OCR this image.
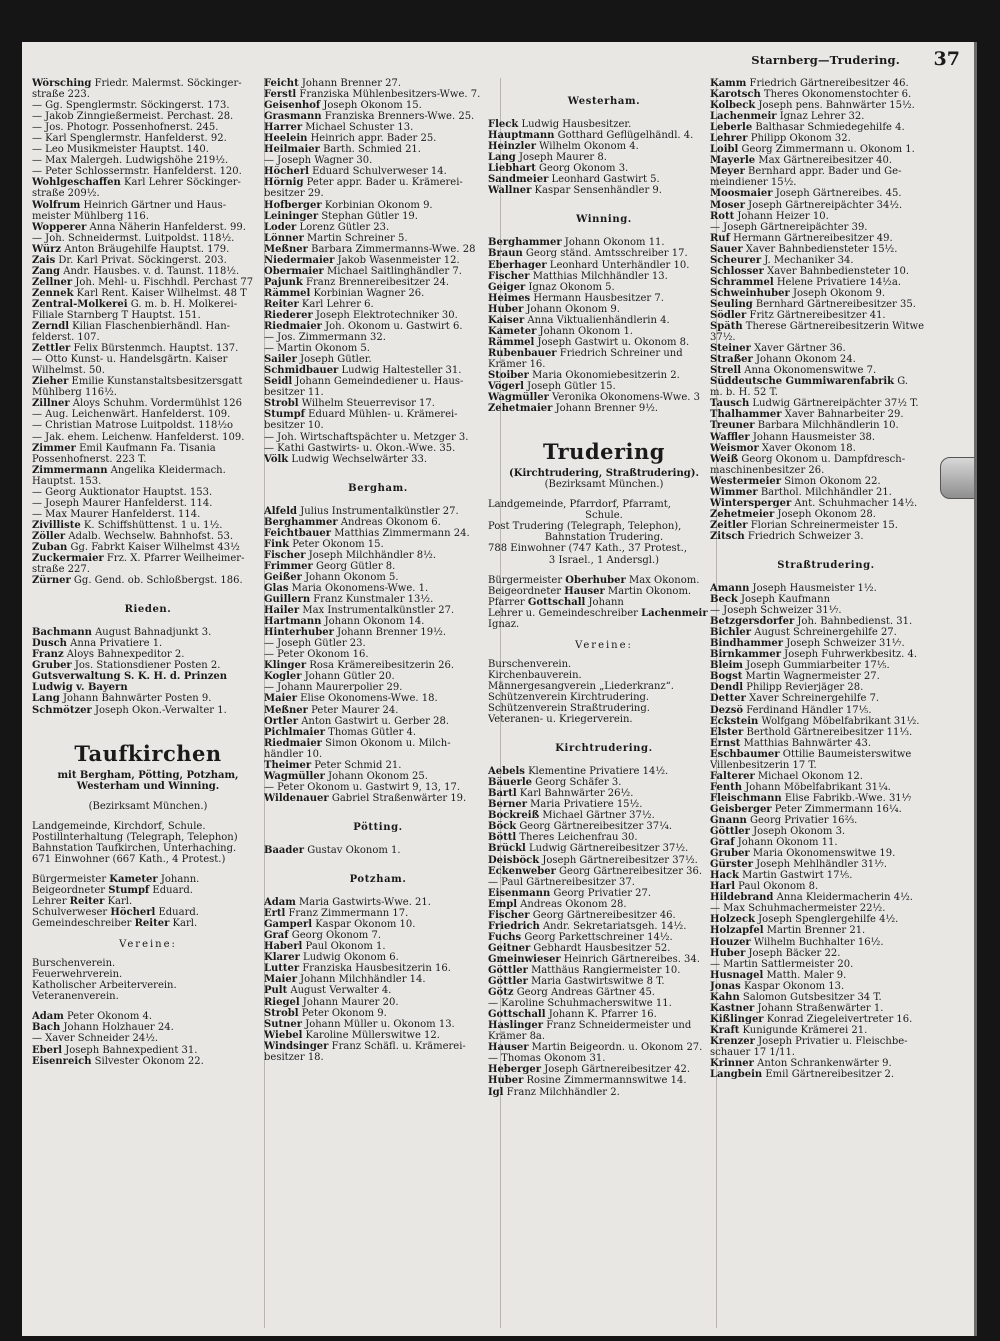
Starnberg—Trudering. 37
Wörsching Friedr. Malermst. Söckinger-
straße 223.
— Gg. Spenglermstr. Söckingerst. 173.
— Jakob Zinngießermeist. Perchast. 28.
— Jos. Photogr. Possenhofnerst. 245.
— Karl Spenglermstr. Hanfelderst. 92.
— Leo Musikmeister Hauptst. 140.
— Max Malergeh. Ludwigshöhe 219½.
— Peter Schlossermstr. Hanfelderst. 120.
Wohlgeschaffen Karl Lehrer Söckinger-
straße 209½.
Wolfrum Heinrich Gärtner und Haus-
meister Mühlberg 116.
Wopperer Anna Näherin Hanfelderst. 99.
— Joh. Schneidermst. Luitpoldst. 118½.
Würz Anton Bräugehilfe Hauptst. 179.
Zais Dr. Karl Privat. Söckingerst. 203.
Zang Andr. Hausbes. v. d. Taunst. 118½.
Zellner Joh. Mehl- u. Fischhdl. Perchast 77
Zennek Karl Rent. Kaiser Wilhelmst. 48 T
Zentral-Molkerei G. m. b. H. Molkerei-
Filiale Starnberg T Hauptst. 151.
Zerndl Kilian Flaschenbierhändl. Han-
felderst. 107.
Zettler Felix Bürstenmch. Hauptst. 137.
— Otto Kunst- u. Handelsgärtn. Kaiser
Wilhelmst. 50.
Zieher Emilie Kunstanstaltsbesitzersgatt
Mühlberg 116½.
Zillner Aloys Schuhm. Vordermühlst 126
— Aug. Leichenwärt. Hanfelderst. 109.
— Christian Matrose Luitpoldst. 118½o
— Jak. ehem. Leichenw. Hanfelderst. 109.
Zimmer Emil Kaufmann Fa. Tisania
Possenhofnerst. 223 T.
Zimmermann Angelika Kleidermach.
Hauptst. 153.
— Georg Auktionator Hauptst. 153.
— Joseph Maurer Hanfelderst. 114.
— Max Maurer Hanfelderst. 114.
Zivilliste K. Schiffshüttenst. 1 u. 1½.
Zöller Adalb. Wechselw. Bahnhofst. 53.
Zuban Gg. Fabrkt Kaiser Wilhelmst 43½
Zuckermaier Frz. X. Pfarrer Weilheimer-
straße 227.
Zürner Gg. Gend. ob. Schloßbergst. 186.
Rieden.
Bachmann August Bahnadjunkt 3.
Dusch Anna Privatiere 1.
Franz Aloys Bahnexpeditor 2.
Gruber Jos. Stationsdiener Posten 2.
Gutsverwaltung S. K. H. d. Prinzen
Ludwig v. Bayern
Lang Johann Bahnwärter Posten 9.
Schmötzer Joseph Ökon.-Verwalter 1.
Taufkirchen
mit Bergham, Pötting, Potzham,
Westerham und Winning.
(Bezirksamt München.)
Landgemeinde, Kirchdorf, Schule.
Postillnterhaltung (Telegraph, Telephon)
Bahnstation Taufkirchen, Unterhaching.
671 Einwohner (667 Kath., 4 Protest.)
Bürgermeister Kameter Johann.
Beigeordneter Stumpf Eduard.
Lehrer Reiter Karl.
Schulverweser Höcherl Eduard.
Gemeindeschreiber Reiter Karl.
Vereine:
Burschenverein.
Feuerwehrverein.
Katholischer Arbeiterverein.
Veteranenverein.
Adam Peter Ökonom 4.
Bach Johann Holzhauer 24.
— Xaver Schneider 24½.
Eberl Joseph Bahnexpedient 31.
Eisenreich Silvester Ökonom 22.
Feicht Johann Brenner 27.
Ferstl Franziska Mühlenbesitzers-Wwe. 7.
Geisenhof Joseph Ökonom 15.
Grasmann Franziska Brenners-Wwe. 25.
Harrer Michael Schuster 13.
Heelein Heinrich appr. Bader 25.
Heilmaier Barth. Schmied 21.
— Joseph Wagner 30.
Höcherl Eduard Schulverweser 14.
Hörnig Peter appr. Bader u. Krämerei-
besitzer 29.
Hofberger Korbinian Ökonom 9.
Leininger Stephan Gütler 19.
Loder Lorenz Gütler 23.
Lönner Martin Schreiner 5.
Meßner Barbara Zimmermanns-Wwe. 28
Niedermaier Jakob Wasenmeister 12.
Obermaier Michael Saitlinghändler 7.
Pajunk Franz Brennereibesitzer 24.
Rämmel Korbinian Wagner 26.
Reiter Karl Lehrer 6.
Riederer Joseph Elektrotechniker 30.
Riedmaier Joh. Ökonom u. Gastwirt 6.
— Jos. Zimmermann 32.
— Martin Ökonom 5.
Sailer Joseph Gütler.
Schmidbauer Ludwig Haltesteller 31.
Seidl Johann Gemeindediener u. Haus-
besitzer 11.
Strobl Wilhelm Steuerrevisor 17.
Stumpf Eduard Mühlen- u. Krämerei-
besitzer 10.
— Joh. Wirtschaftspächter u. Metzger 3.
— Kathi Gastwirts- u. Ökon.-Wwe. 35.
Völk Ludwig Wechselwärter 33.
Bergham.
Alfeld Julius Instrumentalkünstler 27.
Berghammer Andreas Ökonom 6.
Feichtbauer Matthias Zimmermann 24.
Fink Peter Ökonom 15.
Fischer Joseph Milchhändler 8½.
Frimmer Georg Gütler 8.
Geißer Johann Ökonom 5.
Glas Maria Ökonomens-Wwe. 1.
Guillern Franz Kunstmaler 13½.
Hailer Max Instrumentalkünstler 27.
Hartmann Johann Ökonom 14.
Hinterhuber Johann Brenner 19½.
— Joseph Gütler 23.
— Peter Ökonom 16.
Klinger Rosa Krämereibesitzerin 26.
Kogler Johann Gütler 20.
— Johann Maurerpolier 29.
Maier Elise Ökonomens-Wwe. 18.
Meßner Peter Maurer 24.
Ortler Anton Gastwirt u. Gerber 28.
Pichlmaier Thomas Gütler 4.
Riedmaier Simon Ökonom u. Milch-
händler 10.
Theimer Peter Schmid 21.
Wagmüller Johann Ökonom 25.
— Peter Ökonom u. Gastwirt 9, 13, 17.
Wildenauer Gabriel Straßenwärter 19.
Pötting.
Baader Gustav Ökonom 1.
Potzham.
Adam Maria Gastwirts-Wwe. 21.
Ertl Franz Zimmermann 17.
Gamperl Kaspar Ökonom 10.
Graf Georg Ökonom 7.
Haberl Paul Ökonom 1.
Klarer Ludwig Ökonom 6.
Lutter Franziska Hausbesitzerin 16.
Maier Johann Milchhändler 14.
Pult August Verwalter 4.
Riegel Johann Maurer 20.
Strobl Peter Ökonom 9.
Sutner Johann Müller u. Ökonom 13.
Wiebel Karoline Müllerswitwe 12.
Windsinger Franz Schäfl. u. Krämerei-
besitzer 18.
Westerham.
Fleck Ludwig Hausbesitzer.
Hauptmann Gotthard Geflügelhändl. 4.
Heinzler Wilhelm Ökonom 4.
Lang Joseph Maurer 8.
Liebhart Georg Ökonom 3.
Sandmeier Leonhard Gastwirt 5.
Wallner Kaspar Sensenhändler 9.
Winning.
Berghammer Johann Ökonom 11.
Braun Georg ständ. Amtsschreiber 17.
Eberhager Leonhard Unterhändler 10.
Fischer Matthias Milchhändler 13.
Geiger Ignaz Ökonom 5.
Heimes Hermann Hausbesitzer 7.
Huber Johann Ökonom 9.
Kaiser Anna Viktualienhändlerin 4.
Kameter Johann Ökonom 1.
Rämmel Joseph Gastwirt u. Ökonom 8.
Rubenbauer Friedrich Schreiner und
Krämer 16.
Stoiber Maria Ökonomiebesitzerin 2.
Vögerl Joseph Gütler 15.
Wagmüller Veronika Ökonomens-Wwe. 3
Zehetmaier Johann Brenner 9½.
Trudering
(Kirchtrudering, Straßtrudering).
(Bezirksamt München.)
Landgemeinde, Pfarrdorf, Pfarramt,
Schule.
Post Trudering (Telegraph, Telephon),
Bahnstation Trudering.
788 Einwohner (747 Kath., 37 Protest.,
3 Israel., 1 Andersgl.)
Bürgermeister Oberhuber Max Ökonom.
Beigeordneter Hauser Martin Ökonom.
Pfarrer Gottschall Johann
Lehrer u. Gemeindeschreiber Lachenmeir
Ignaz.
Vereine:
Burschenverein.
Kirchenbauverein.
Männergesangverein „Liederkranz“.
Schützenverein Kirchtrudering.
Schützenverein Straßtrudering.
Veteranen- u. Kriegerverein.
Kirchtrudering.
Aebels Klementine Privatiere 14½.
Bäuerle Georg Schäfer 3.
Bartl Karl Bahnwärter 26½.
Berner Maria Privatiere 15½.
Bockreiß Michael Gärtner 37½.
Böck Georg Gärtnereibesitzer 37¼.
Böttl Theres Leichenfrau 30.
Brückl Ludwig Gärtnereibesitzer 37½.
Deisböck Joseph Gärtnereibesitzer 37½.
Eckenweber Georg Gärtnereibesitzer 36.
— Paul Gärtnereibesitzer 37.
Eisenmann Georg Privatier 27.
Empl Andreas Ökonom 28.
Fischer Georg Gärtnereibesitzer 46.
Friedrich Andr. Sekretariatsgeh. 14½.
Fuchs Georg Parkettschreiner 14½.
Geitner Gebhardt Hausbesitzer 52.
Gmeinwieser Heinrich Gärtnereibes. 34.
Göttler Matthäus Rangiermeister 10.
Göttler Maria Gastwirtswitwe 8 T.
Götz Georg Andreas Gärtner 45.
— Karoline Schuhmacherswitwe 11.
Gottschall Johann K. Pfarrer 16.
Haslinger Franz Schneidermeister und
Krämer 8a.
Hauser Martin Beigeordn. u. Ökonom 27.
— Thomas Ökonom 31.
Heberger Joseph Gärtnereibesitzer 42.
Huber Rosine Zimmermannswitwe 14.
Igl Franz Milchhändler 2.
Kamm Friedrich Gärtnereibesitzer 46.
Karotsch Theres Ökonomenstochter 6.
Kolbeck Joseph pens. Bahnwärter 15½.
Lachenmeir Ignaz Lehrer 32.
Leberle Balthasar Schmiedegehilfe 4.
Lehrer Philipp Ökonom 32.
Loibl Georg Zimmermann u. Ökonom 1.
Mayerle Max Gärtnereibesitzer 40.
Meyer Bernhard appr. Bader und Ge-
meindiener 15½.
Moosmaier Joseph Gärtnereibes. 45.
Moser Joseph Gärtnereipächter 34½.
Rott Johann Heizer 10.
— Joseph Gärtnereipächter 39.
Ruf Hermann Gärtnereibesitzer 49.
Sauer Xaver Bahnbediensteter 15½.
Scheurer J. Mechaniker 34.
Schlosser Xaver Bahnbediensteter 10.
Schrammel Helene Privatiere 14½a.
Schweinhuber Joseph Ökonom 9.
Seuling Bernhard Gärtnereibesitzer 35.
Södler Fritz Gärtnereibesitzer 41.
Späth Therese Gärtnereibesitzerin Witwe
37½.
Steiner Xaver Gärtner 36.
Straßer Johann Ökonom 24.
Strell Anna Ökonomenswitwe 7.
Süddeutsche Gummiwarenfabrik G.
m. b. H. 52 T.
Tausch Ludwig Gärtnereipächter 37½ T.
Thalhammer Xaver Bahnarbeiter 29.
Treuner Barbara Milchhändlerin 10.
Waffler Johann Hausmeister 38.
Weismor Xaver Ökonom 18.
Weiß Georg Ökonom u. Dampfdresch-
maschinenbesitzer 26.
Westermeier Simon Ökonom 22.
Wimmer Barthol. Milchhändler 21.
Wintersperger Ant. Schuhmacher 14½.
Zehetmeier Joseph Ökonom 28.
Zeitler Florian Schreinermeister 15.
Zitsch Friedrich Schweizer 3.
Straßtrudering.
Amann Joseph Hausmeister 1½.
Beck Joseph Kaufmann
— Joseph Schweizer 31⅐.
Betzgersdorfer Joh. Bahnbedienst. 31.
Bichler August Schreinergehilfe 27.
Bindhammer Joseph Schweizer 31⅐.
Birnkammer Joseph Fuhrwerkbesitz. 4.
Bleim Joseph Gummiarbeiter 17⅕.
Bogst Martin Wagnermeister 27.
Dendl Philipp Revierjäger 28.
Detter Xaver Schreinergehilfe 7.
Dezsö Ferdinand Händler 17⅕.
Eckstein Wolfgang Möbelfabrikant 31½.
Elster Berthold Gärtnereibesitzer 11⅓.
Ernst Matthias Bahnwärter 43.
Eschbaumer Ottilie Baumeisterswitwe
Villenbesitzerin 17 T.
Falterer Michael Ökonom 12.
Fenth Johann Möbelfabrikant 31¼.
Fleischmann Elise Fabrikb.-Wwe. 31⅐
Geisberger Peter Zimmermann 16¼.
Gnann Georg Privatier 16⅔.
Göttler Joseph Ökonom 3.
Graf Johann Ökonom 11.
Gruber Maria Ökonomenswitwe 19.
Gürster Joseph Mehlhändler 31⅐.
Hack Martin Gastwirt 17⅕.
Harl Paul Ökonom 8.
Hildebrand Anna Kleidermacherin 4½.
— Max Schuhmachermeister 22½.
Holzeck Joseph Spenglergehilfe 4½.
Holzapfel Martin Brenner 21.
Houzer Wilhelm Buchhalter 16½.
Huber Joseph Bäcker 22.
— Martin Sattlermeister 20.
Husnagel Matth. Maler 9.
Jonas Kaspar Ökonom 13.
Kahn Salomon Gutsbesitzer 34 T.
Kastner Johann Straßenwärter 1.
Kißlinger Konrad Ziegeleivertreter 16.
Kraft Kunigunde Krämerei 21.
Krenzer Joseph Privatier u. Fleischbe-
schauer 17 1/11.
Krinner Anton Schrankenwärter 9.
Langbein Emil Gärtnereibesitzer 2.
